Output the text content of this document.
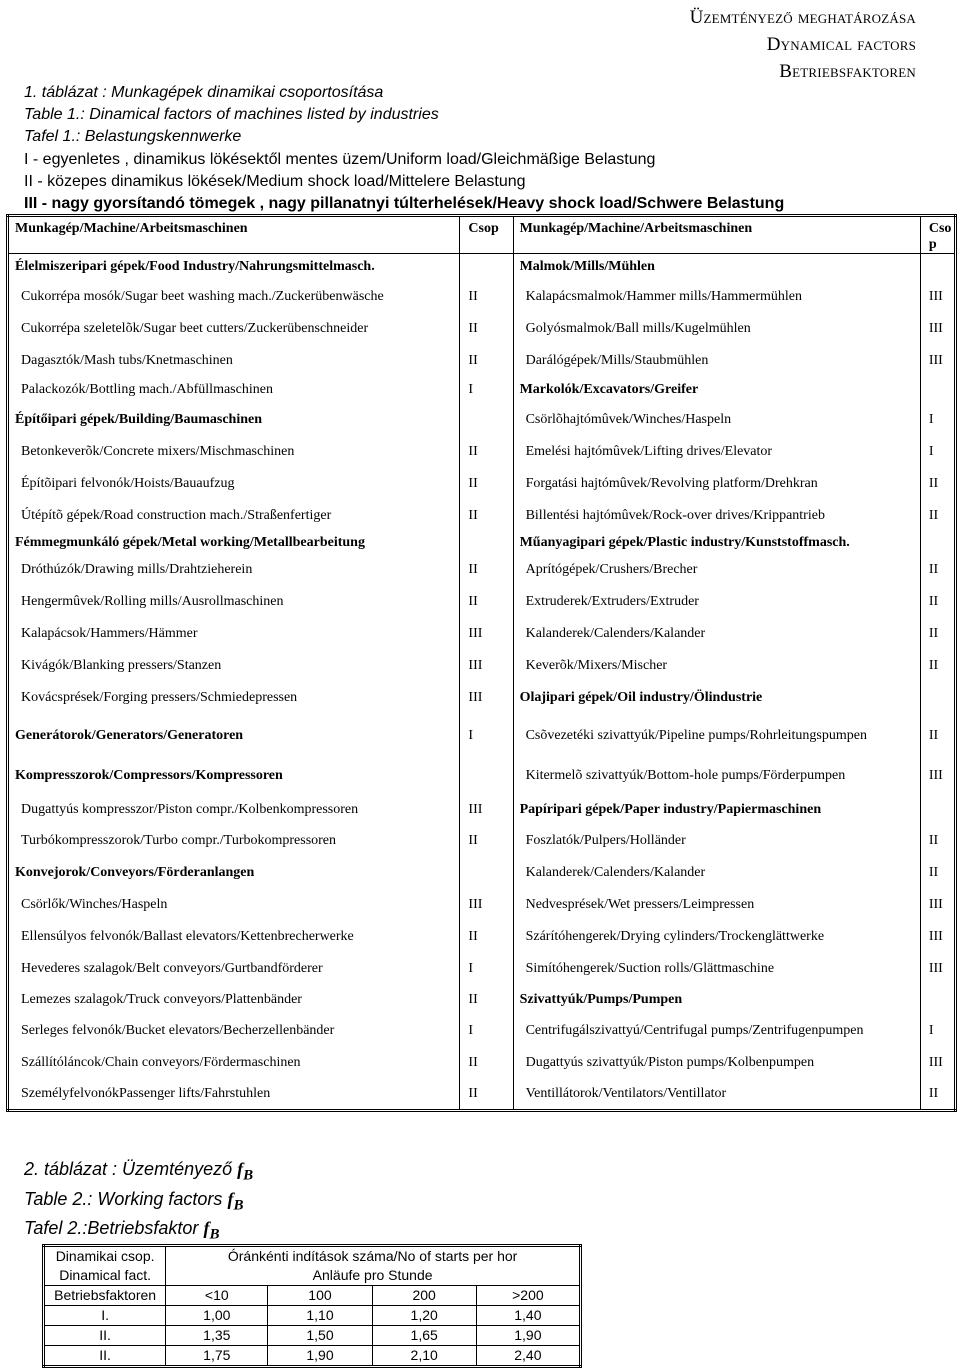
Üzemtényező meghatározása
Dynamical factors
Betriebsfaktoren
1. táblázat : Munkagépek dinamikai csoportosítása
Table 1.: Dinamical factors of machines listed by industries
Tafel 1.: Belastungskennwerke
I - egyenletes , dinamikus lökésektől mentes üzem/Uniform load/Gleichmäßige Belastung
II - közepes dinamikus lökések/Medium shock load/Mittelere Belastung
III - nagy gyorsítandó tömegek , nagy pillanatnyi túlterhelések/Heavy shock load/Schwere Belastung
Munkagép/Machine/Arbeitsmaschinen	Csop	Munkagép/Machine/Arbeitsmaschinen	Cso p
Élelmiszeripari gépek/Food Industry/Nahrungsmittelmasch.		Malmok/Mills/Mühlen	
Cukorrépa mosók/Sugar beet washing mach./Zuckerübenwäsche	II	Kalapácsmalmok/Hammer mills/Hammermühlen	III
Cukorrépa szeletelõk/Sugar beet cutters/Zuckerübenschneider	II	Golyósmalmok/Ball mills/Kugelmühlen	III
Dagasztók/Mash tubs/Knetmaschinen	II	Darálógépek/Mills/Staubmühlen	III
Palackozók/Bottling mach./Abfüllmaschinen	I	Markolók/Excavators/Greifer	
Építőipari gépek/Building/Baumaschinen		Csörlõhajtómûvek/Winches/Haspeln	I
Betonkeverõk/Concrete mixers/Mischmaschinen	II	Emelési hajtómûvek/Lifting drives/Elevator	I
Építõipari felvonók/Hoists/Bauaufzug	II	Forgatási hajtómûvek/Revolving platform/Drehkran	II
Útépítõ gépek/Road construction mach./Straßenfertiger	II	Billentési hajtómûvek/Rock-over drives/Krippantrieb	II
Fémmegmunkáló gépek/Metal working/Metallbearbeitung		Műanyagipari gépek/Plastic industry/Kunststoffmasch.	
Dróthúzók/Drawing mills/Drahtzieherein	II	Aprítógépek/Crushers/Brecher	II
Hengermûvek/Rolling mills/Ausrollmaschinen	II	Extruderek/Extruders/Extruder	II
Kalapácsok/Hammers/Hämmer	III	Kalanderek/Calenders/Kalander	II
Kivágók/Blanking pressers/Stanzen	III	Keverõk/Mixers/Mischer	II
Kovácsprések/Forging pressers/Schmiedepressen	III	Olajipari gépek/Oil industry/Ölindustrie	
Generátorok/Generators/Generatoren	I	Csõvezetéki szivattyúk/Pipeline pumps/Rohrleitungspumpen	II
Kompresszorok/Compressors/Kompressoren		Kitermelõ szivattyúk/Bottom-hole pumps/Förderpumpen	III
Dugattyús kompresszor/Piston compr./Kolbenkompressoren	III	Papíripari gépek/Paper industry/Papiermaschinen	
Turbókompresszorok/Turbo compr./Turbokompressoren	II	Foszlatók/Pulpers/Holländer	II
Konvejorok/Conveyors/Förderanlangen		Kalanderek/Calenders/Kalander	II
Csörlők/Winches/Haspeln	III	Nedvesprések/Wet pressers/Leimpressen	III
Ellensúlyos felvonók/Ballast elevators/Kettenbrecherwerke	II	Szárítóhengerek/Drying cylinders/Trockenglättwerke	III
Hevederes szalagok/Belt conveyors/Gurtbandförderer	I	Simítóhengerek/Suction rolls/Glättmaschine	III
Lemezes szalagok/Truck conveyors/Plattenbänder	II	Szivattyúk/Pumps/Pumpen	
Serleges felvonók/Bucket elevators/Becherzellenbänder	I	Centrifugálszivattyú/Centrifugal pumps/Zentrifugenpumpen	I
Szállítóláncok/Chain conveyors/Fördermaschinen	II	Dugattyús szivattyúk/Piston pumps/Kolbenpumpen	III
SzemélyfelvonókPassenger lifts/Fahrstuhlen	II	Ventillátorok/Ventilators/Ventillator	II
2. táblázat : Üzemtényező $f_B$
Table 2.: Working factors $f_B$
Tafel 2.:Betriebsfaktor $f_B$
Dinamikai csop.	Óránkénti indítások száma/No of starts per hor			
Dinamical fact.	Anläufe pro Stunde			
Betriebsfaktoren	<10	100	200	>200
I.	1,00	1,10	1,20	1,40
II.	1,35	1,50	1,65	1,90
II.	1,75	1,90	2,10	2,40
